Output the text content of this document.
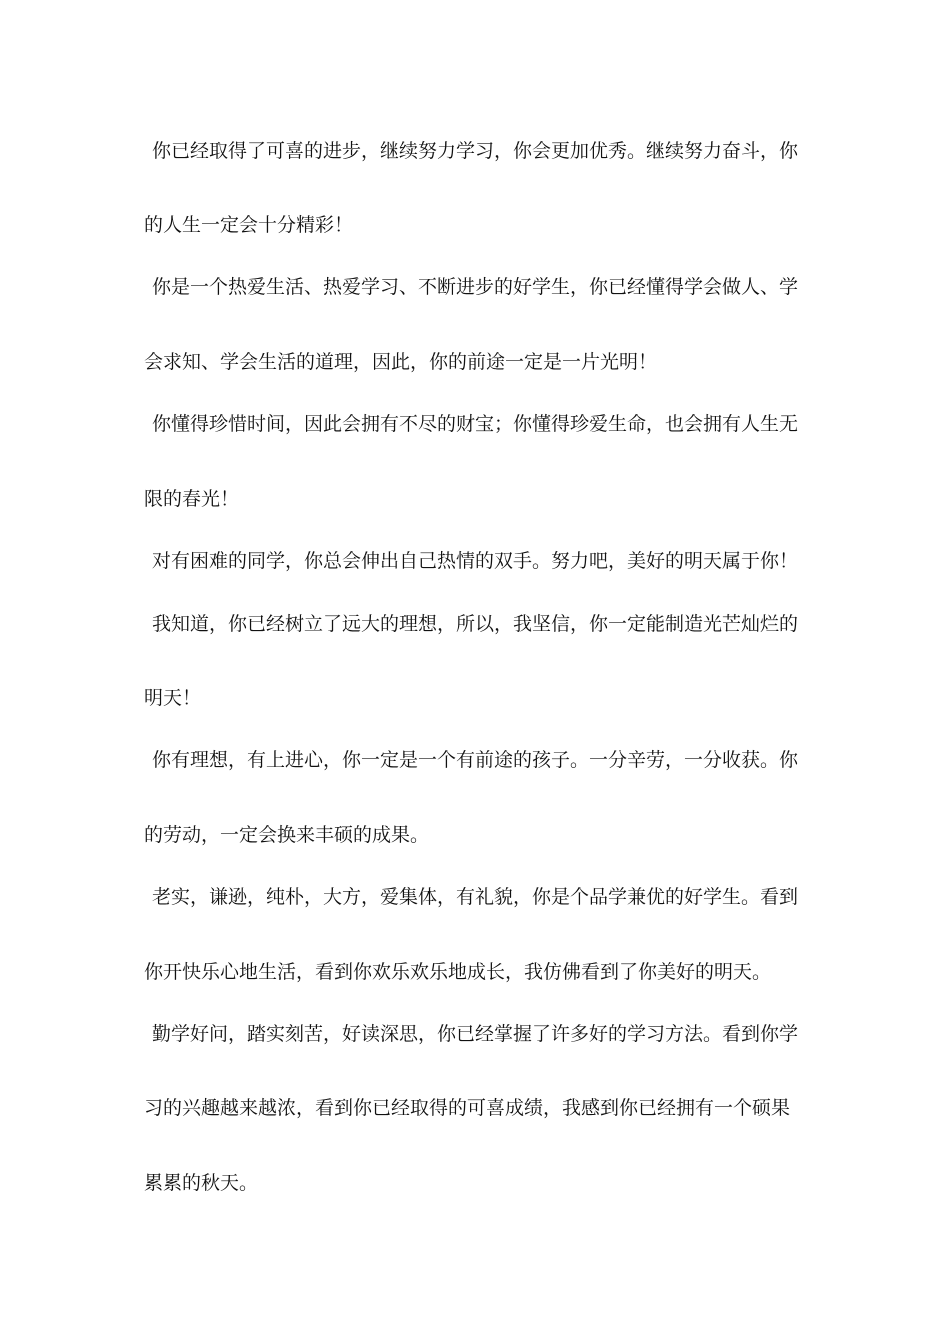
你已经取得了可喜的进步，继续努力学习，你会更加优秀。继续努力奋斗，你
的人生一定会十分精彩！
你是一个热爱生活、热爱学习、不断进步的好学生，你已经懂得学会做人、学
会求知、学会生活的道理，因此，你的前途一定是一片光明！
你懂得珍惜时间，因此会拥有不尽的财宝；你懂得珍爱生命，也会拥有人生无
限的春光！
对有困难的同学，你总会伸出自己热情的双手。努力吧，美好的明天属于你！
我知道，你已经树立了远大的理想，所以，我坚信，你一定能制造光芒灿烂的
明天！
你有理想，有上进心，你一定是一个有前途的孩子。一分辛劳，一分收获。你
的劳动，一定会换来丰硕的成果。
老实，谦逊，纯朴，大方，爱集体，有礼貌，你是个品学兼优的好学生。看到
你开快乐心地生活，看到你欢乐欢乐地成长，我仿佛看到了你美好的明天。
勤学好问，踏实刻苦，好读深思，你已经掌握了许多好的学习方法。看到你学
习的兴趣越来越浓，看到你已经取得的可喜成绩，我感到你已经拥有一个硕果
累累的秋天。
